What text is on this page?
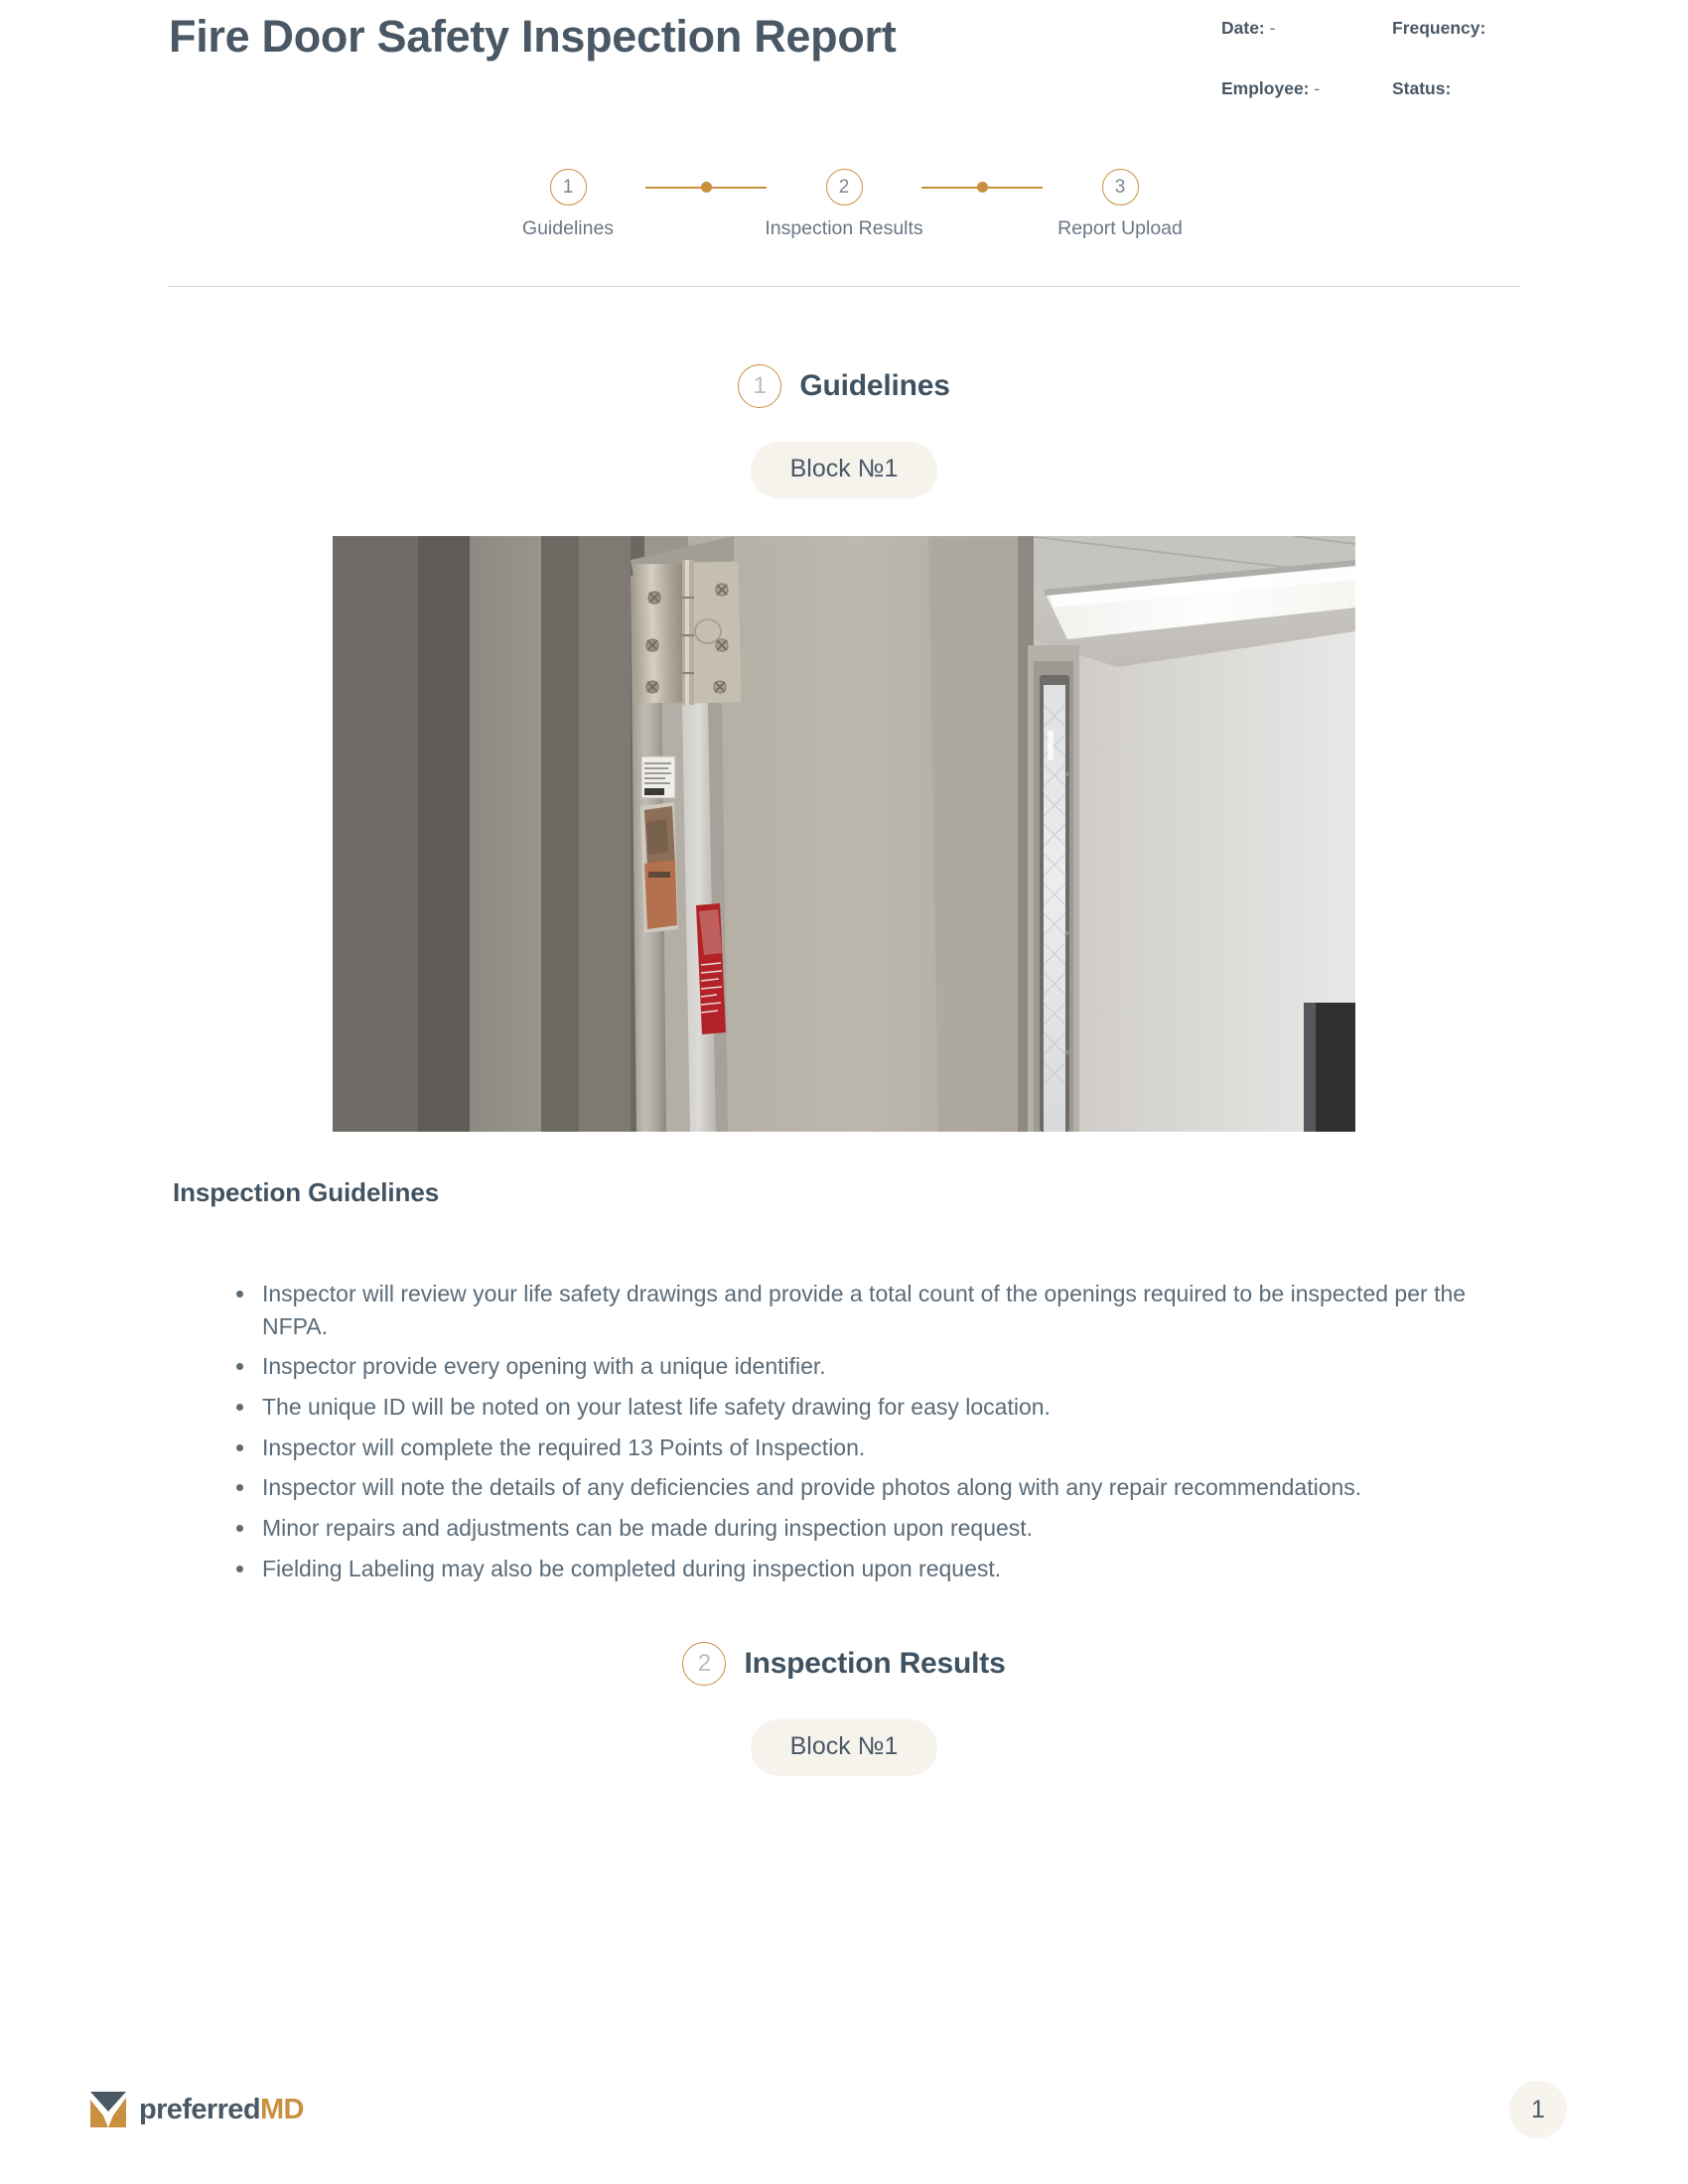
Fire Door Safety Inspection Report	Date: -	Frequency:
Employee: -	Status:
1
Guidelines
2
Inspection Results
3
Report Upload
1	Guidelines
Block №1
Inspection Guidelines
Inspector will review your life safety drawings and provide a total count of the openings required to be inspected per the NFPA.
Inspector provide every opening with a unique identifier.
The unique ID will be noted on your latest life safety drawing for easy location.
Inspector will complete the required 13 Points of Inspection.
Inspector will note the details of any deficiencies and provide photos along with any repair recommendations.
Minor repairs and adjustments can be made during inspection upon request.
Fielding Labeling may also be completed during inspection upon request.
2	Inspection Results
Block №1
preferredMD	1
